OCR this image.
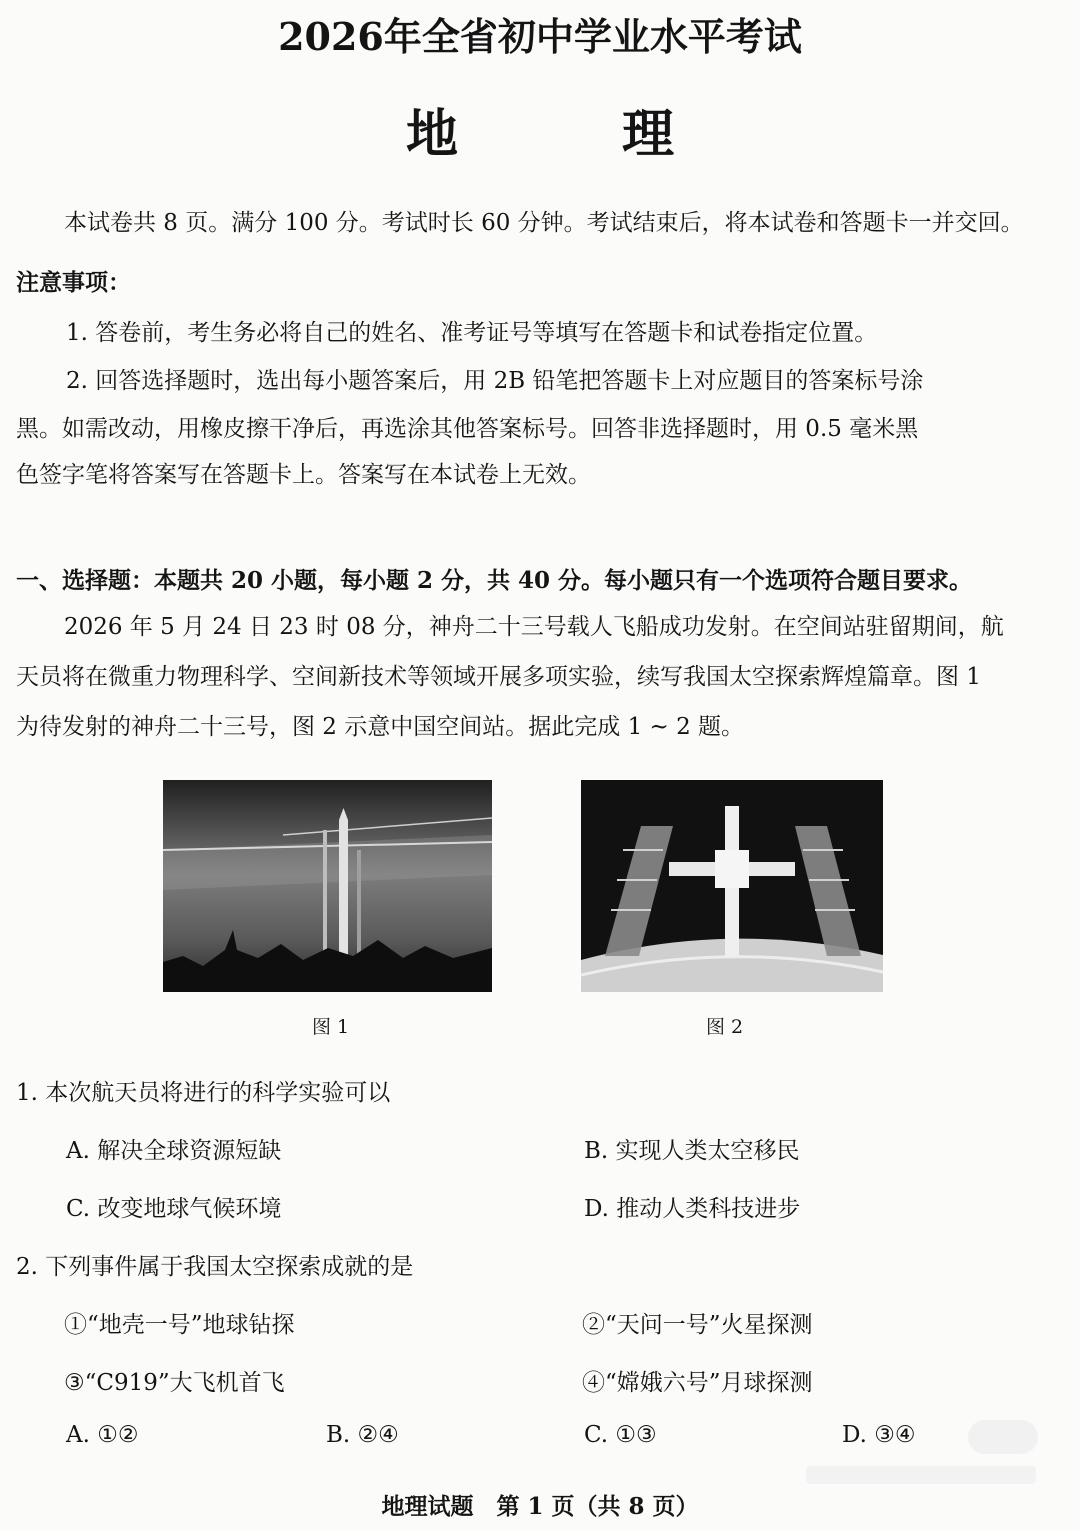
2026年全省初中学业水平考试
地　理
本试卷共 8 页。满分 100 分。考试时长 60 分钟。考试结束后，将本试卷和答题卡一并交回。
注意事项：
1. 答卷前，考生务必将自己的姓名、准考证号等填写在答题卡和试卷指定位置。
2. 回答选择题时，选出每小题答案后，用 2B 铅笔把答题卡上对应题目的答案标号涂
黑。如需改动，用橡皮擦干净后，再选涂其他答案标号。回答非选择题时，用 0.5 毫米黑
色签字笔将答案写在答题卡上。答案写在本试卷上无效。
一、选择题：本题共 20 小题，每小题 2 分，共 40 分。每小题只有一个选项符合题目要求。
2026 年 5 月 24 日 23 时 08 分，神舟二十三号载人飞船成功发射。在空间站驻留期间，航
天员将在微重力物理科学、空间新技术等领域开展多项实验，续写我国太空探索辉煌篇章。图 1
为待发射的神舟二十三号，图 2 示意中国空间站。据此完成 1 ~ 2 题。
图 1	图 2
1. 本次航天员将进行的科学实验可以
A. 解决全球资源短缺	B. 实现人类太空移民
C. 改变地球气候环境	D. 推动人类科技进步
2. 下列事件属于我国太空探索成就的是
①“地壳一号”地球钻探	②“天问一号”火星探测
③“C919”大飞机首飞	④“嫦娥六号”月球探测
A. ①②	B. ②④	C. ①③	D. ③④
地理试题　第 1 页（共 8 页）
